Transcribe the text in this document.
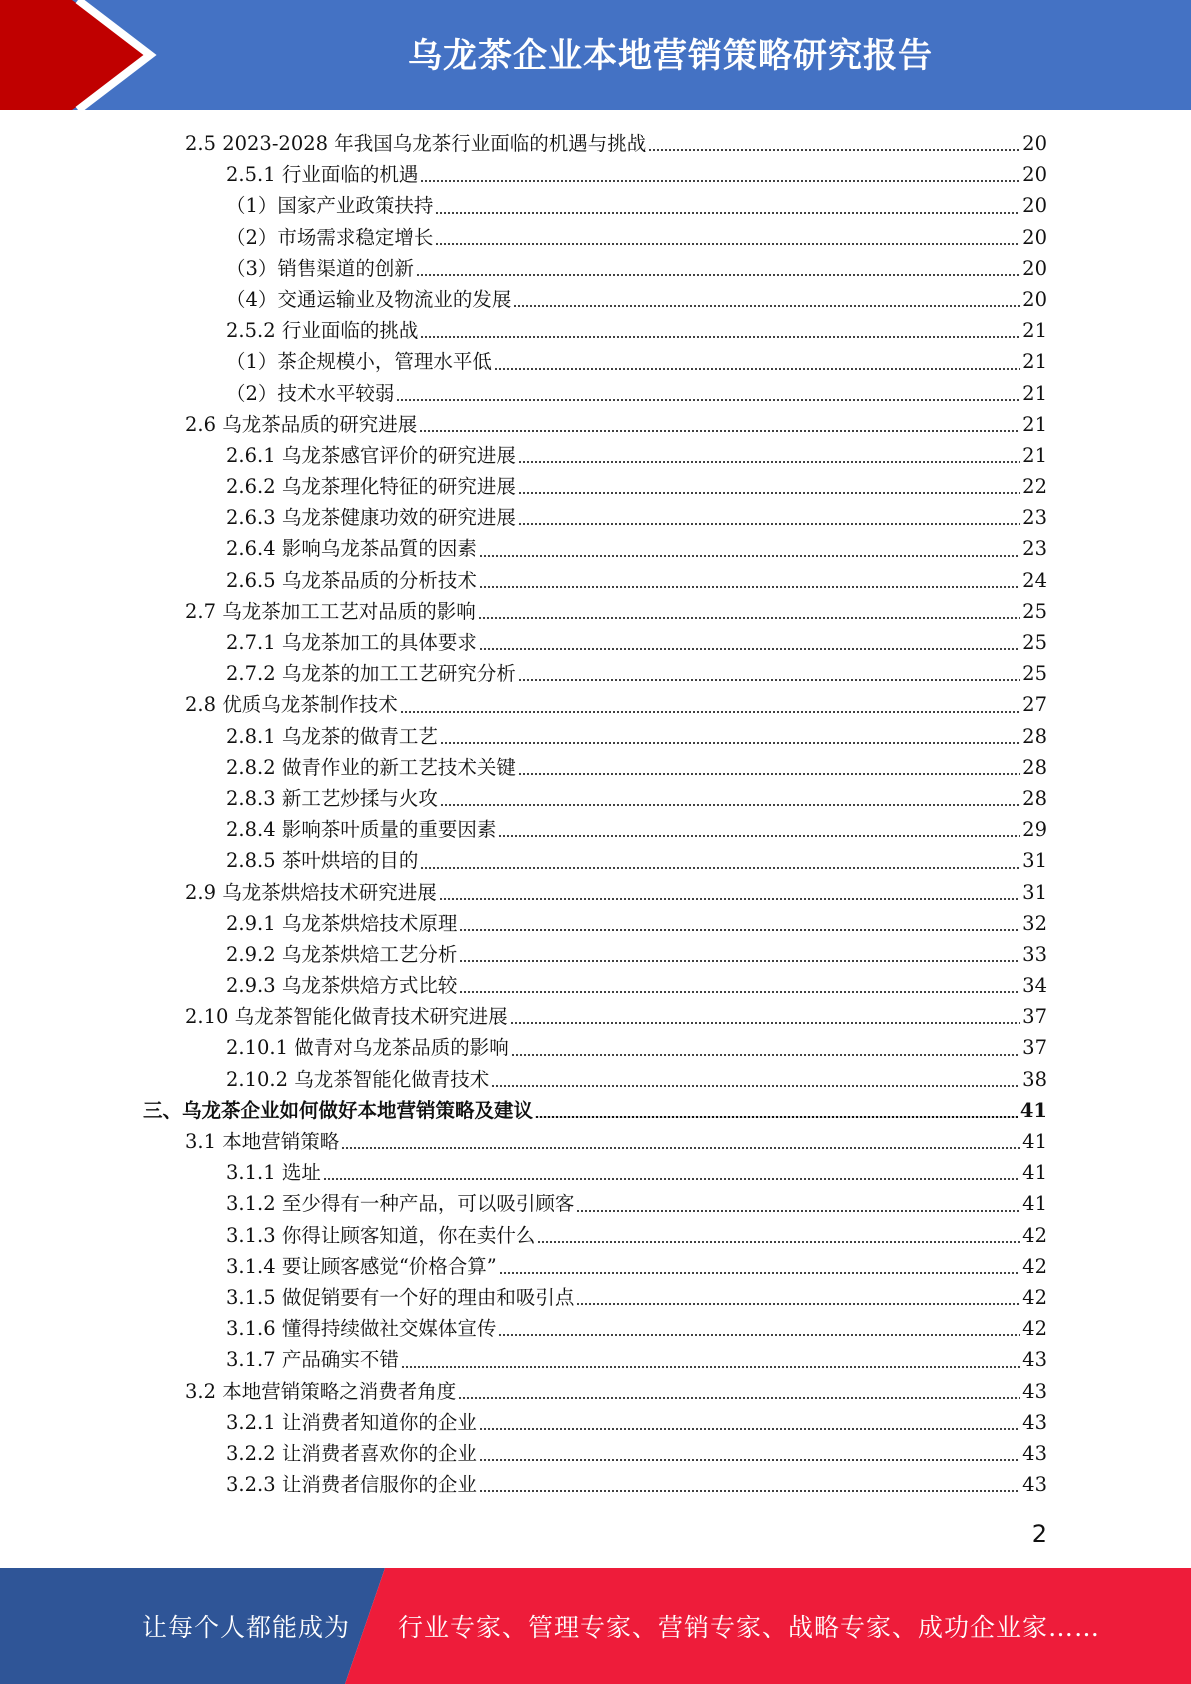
乌龙茶企业本地营销策略研究报告
2.5 2023-2028 年我国乌龙茶行业面临的机遇与挑战	20
2.5.1 行业面临的机遇	20
（1）国家产业政策扶持	20
（2）市场需求稳定增长	20
（3）销售渠道的创新	20
（4）交通运输业及物流业的发展	20
2.5.2 行业面临的挑战	21
（1）茶企规模小，管理水平低	21
（2）技术水平较弱	21
2.6 乌龙茶品质的研究进展	21
2.6.1 乌龙茶感官评价的研究进展	21
2.6.2 乌龙茶理化特征的研究进展	22
2.6.3 乌龙茶健康功效的研究进展	23
2.6.4 影响乌龙茶品質的因素	23
2.6.5 乌龙茶品质的分析技术	24
2.7 乌龙茶加工工艺对品质的影响	25
2.7.1 乌龙茶加工的具体要求	25
2.7.2 乌龙茶的加工工艺研究分析	25
2.8 优质乌龙茶制作技术	27
2.8.1 乌龙茶的做青工艺	28
2.8.2 做青作业的新工艺技术关键	28
2.8.3 新工艺炒揉与火攻	28
2.8.4 影响茶叶质量的重要因素	29
2.8.5 茶叶烘培的目的	31
2.9 乌龙茶烘焙技术研究进展	31
2.9.1 乌龙茶烘焙技术原理	32
2.9.2 乌龙茶烘焙工艺分析	33
2.9.3 乌龙茶烘焙方式比较	34
2.10 乌龙茶智能化做青技术研究进展	37
2.10.1 做青对乌龙茶品质的影响	37
2.10.2 乌龙茶智能化做青技术	38
三、乌龙茶企业如何做好本地营销策略及建议	41
3.1 本地营销策略	41
3.1.1 选址	41
3.1.2 至少得有一种产品，可以吸引顾客	41
3.1.3 你得让顾客知道，你在卖什么	42
3.1.4 要让顾客感觉“价格合算”	42
3.1.5 做促销要有一个好的理由和吸引点	42
3.1.6 懂得持续做社交媒体宣传	42
3.1.7 产品确实不错	43
3.2 本地营销策略之消费者角度	43
3.2.1 让消费者知道你的企业	43
3.2.2 让消费者喜欢你的企业	43
3.2.3 让消费者信服你的企业	43
2
让每个人都能成为 行业专家、管理专家、营销专家、战略专家、成功企业家……
